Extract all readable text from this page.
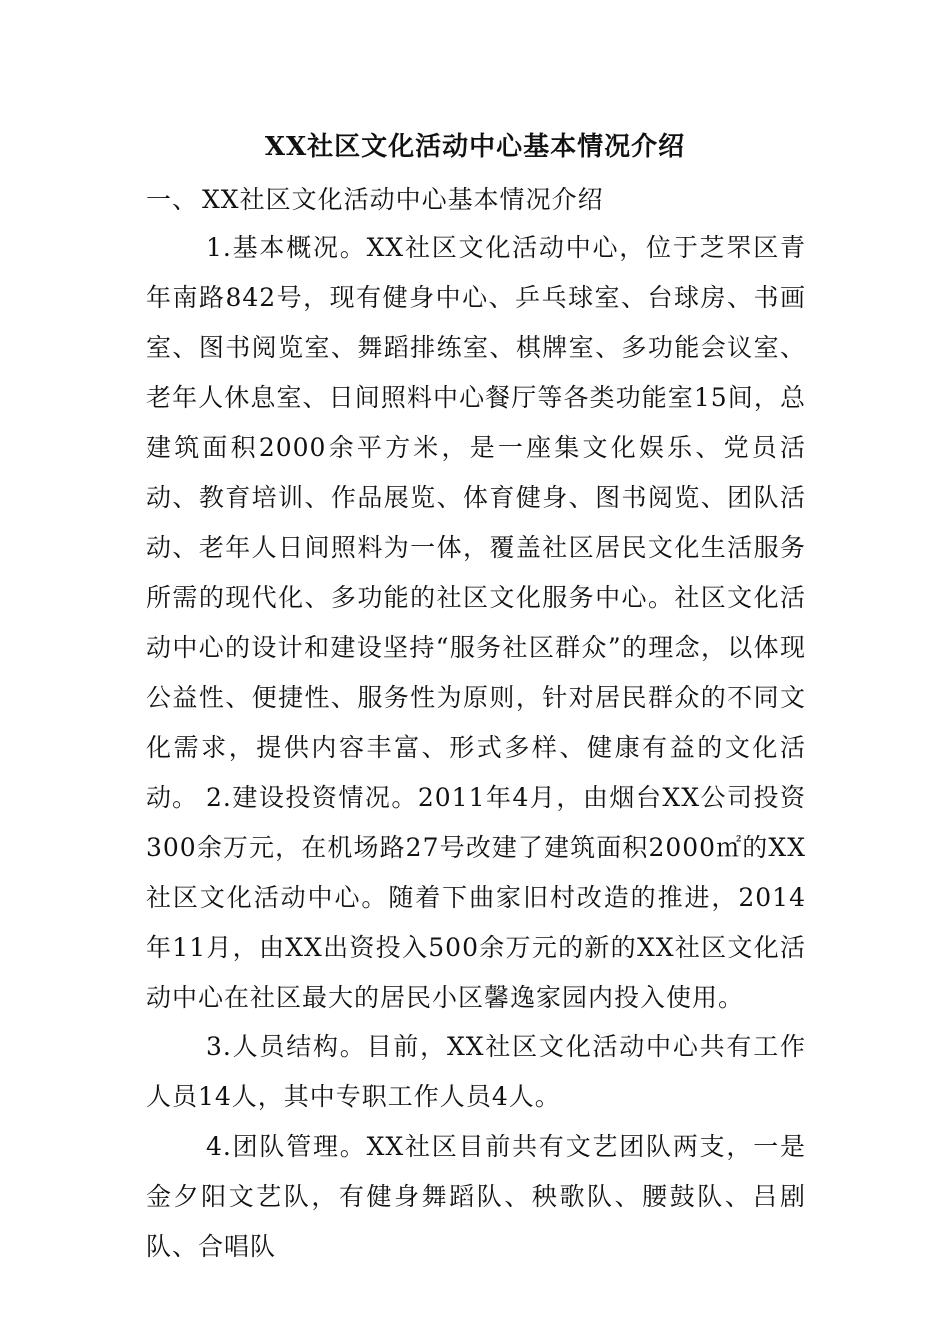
XX社区文化活动中心基本情况介绍
一、 XX社区文化活动中心基本情况介绍

1.基本概况。XX社区文化活动中心，位于芝罘区青年南路842号，现有健身中心、乒乓球室、台球房、书画室、图书阅览室、舞蹈排练室、棋牌室、多功能会议室、老年人休息室、日间照料中心餐厅等各类功能室15间，总建筑面积2000余平方米，是一座集文化娱乐、党员活动、教育培训、作品展览、体育健身、图书阅览、团队活动、老年人日间照料为一体，覆盖社区居民文化生活服务所需的现代化、多功能的社区文化服务中心。社区文化活动中心的设计和建设坚持“服务社区群众”的理念，以体现公益性、便捷性、服务性为原则，针对居民群众的不同文化需求，提供内容丰富、形式多样、健康有益的文化活动。 2.建设投资情况。2011年4月，由烟台XX公司投资300余万元，在机场路27号改建了建筑面积2000㎡的XX社区文化活动中心。随着下曲家旧村改造的推进，2014年11月，由XX出资投入500余万元的新的XX社区文化活动中心在社区最大的居民小区馨逸家园内投入使用。

3.人员结构。目前，XX社区文化活动中心共有工作人员14人，其中专职工作人员4人。

4.团队管理。XX社区目前共有文艺团队两支，一是金夕阳文艺队，有健身舞蹈队、秧歌队、腰鼓队、吕剧队、合唱队
